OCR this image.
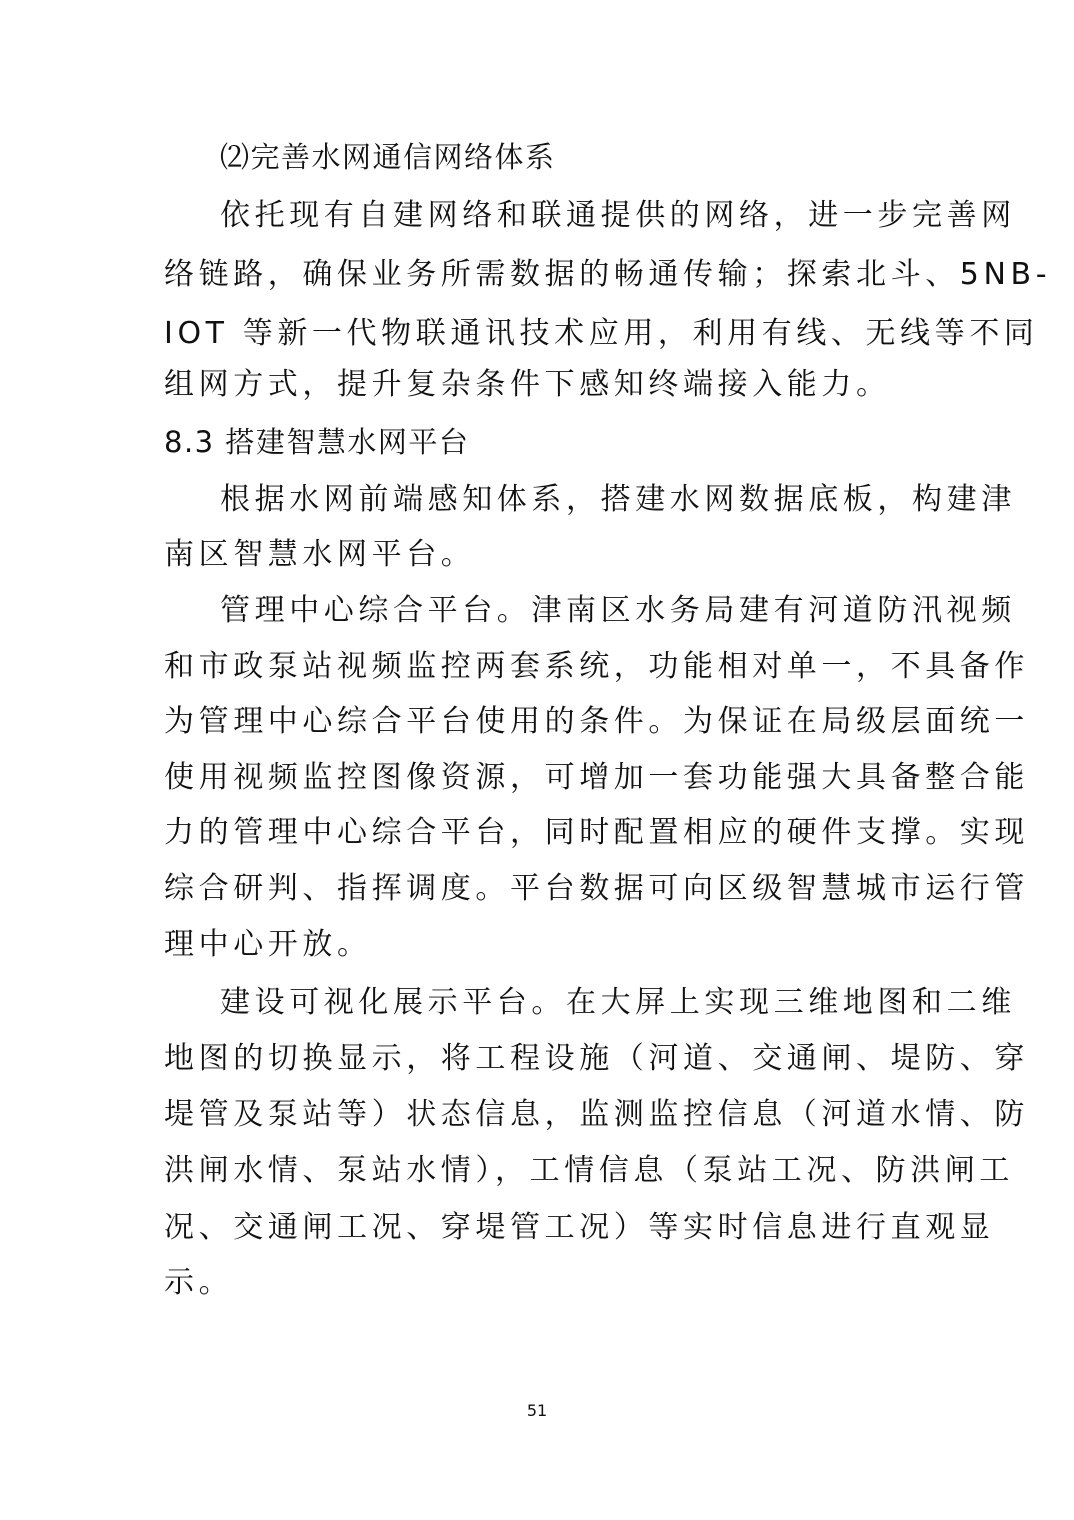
⑵完善水网通信网络体系
依托现有自建网络和联通提供的网络，进一步完善网
络链路，确保业务所需数据的畅通传输；探索北斗、5NB-
IOT 等新一代物联通讯技术应用，利用有线、无线等不同
组网方式，提升复杂条件下感知终端接入能力。
8.3 搭建智慧水网平台
根据水网前端感知体系，搭建水网数据底板，构建津
南区智慧水网平台。
管理中心综合平台。津南区水务局建有河道防汛视频
和市政泵站视频监控两套系统，功能相对单一，不具备作
为管理中心综合平台使用的条件。为保证在局级层面统一
使用视频监控图像资源，可增加一套功能强大具备整合能
力的管理中心综合平台，同时配置相应的硬件支撑。实现
综合研判、指挥调度。平台数据可向区级智慧城市运行管
理中心开放。
建设可视化展示平台。在大屏上实现三维地图和二维
地图的切换显示，将工程设施（河道、交通闸、堤防、穿
堤管及泵站等）状态信息，监测监控信息（河道水情、防
洪闸水情、泵站水情），工情信息（泵站工况、防洪闸工
况、交通闸工况、穿堤管工况）等实时信息进行直观显
示。
51
